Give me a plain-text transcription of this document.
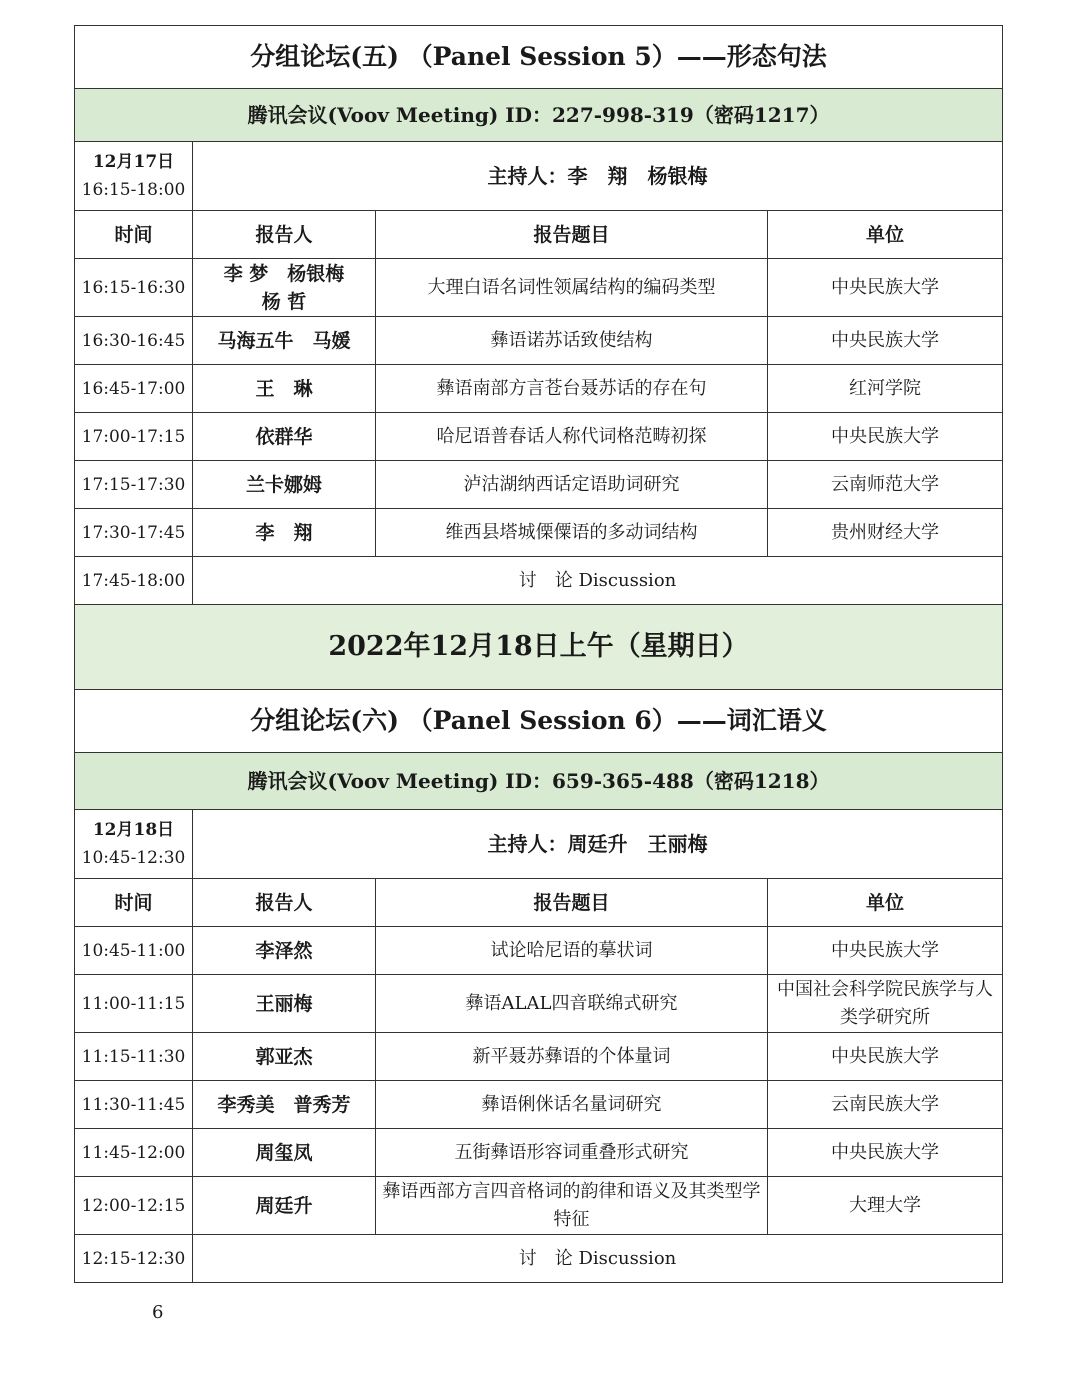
分组论坛(五) （Panel Session 5）——形态句法			
腾讯会议(Voov Meeting) ID：227-998-319（密码1217）			
12月17日
16:15-18:00	主持人：李　翔　杨银梅		
时间	报告人	报告题目	单位
16:15-16:30	李 梦　杨银梅 杨 哲	大理白语名词性领属结构的编码类型	中央民族大学
16:30-16:45	马海五牛　马媛	彝语诺苏话致使结构	中央民族大学
16:45-17:00	王　琳	彝语南部方言苍台聂苏话的存在句	红河学院
17:00-17:15	依群华	哈尼语普春话人称代词格范畴初探	中央民族大学
17:15-17:30	兰卡娜姆	泸沽湖纳西话定语助词研究	云南师范大学
17:30-17:45	李　翔	维西县塔城傈僳语的多动词结构	贵州财经大学
17:45-18:00	讨　论 Discussion		
2022年12月18日上午（星期日）			
分组论坛(六) （Panel Session 6）——词汇语义			
腾讯会议(Voov Meeting) ID：659-365-488（密码1218）			
12月18日
10:45-12:30	主持人：周廷升　王丽梅		
时间	报告人	报告题目	单位
10:45-11:00	李泽然	试论哈尼语的摹状词	中央民族大学
11:00-11:15	王丽梅	彝语ALAL四音联绵式研究	中国社会科学院民族学与人类学研究所
11:15-11:30	郭亚杰	新平聂苏彝语的个体量词	中央民族大学
11:30-11:45	李秀美　普秀芳	彝语俐侎话名量词研究	云南民族大学
11:45-12:00	周玺凤	五街彝语形容词重叠形式研究	中央民族大学
12:00-12:15	周廷升	彝语西部方言四音格词的韵律和语义及其类型学特征	大理大学
12:15-12:30	讨　论 Discussion		
6
